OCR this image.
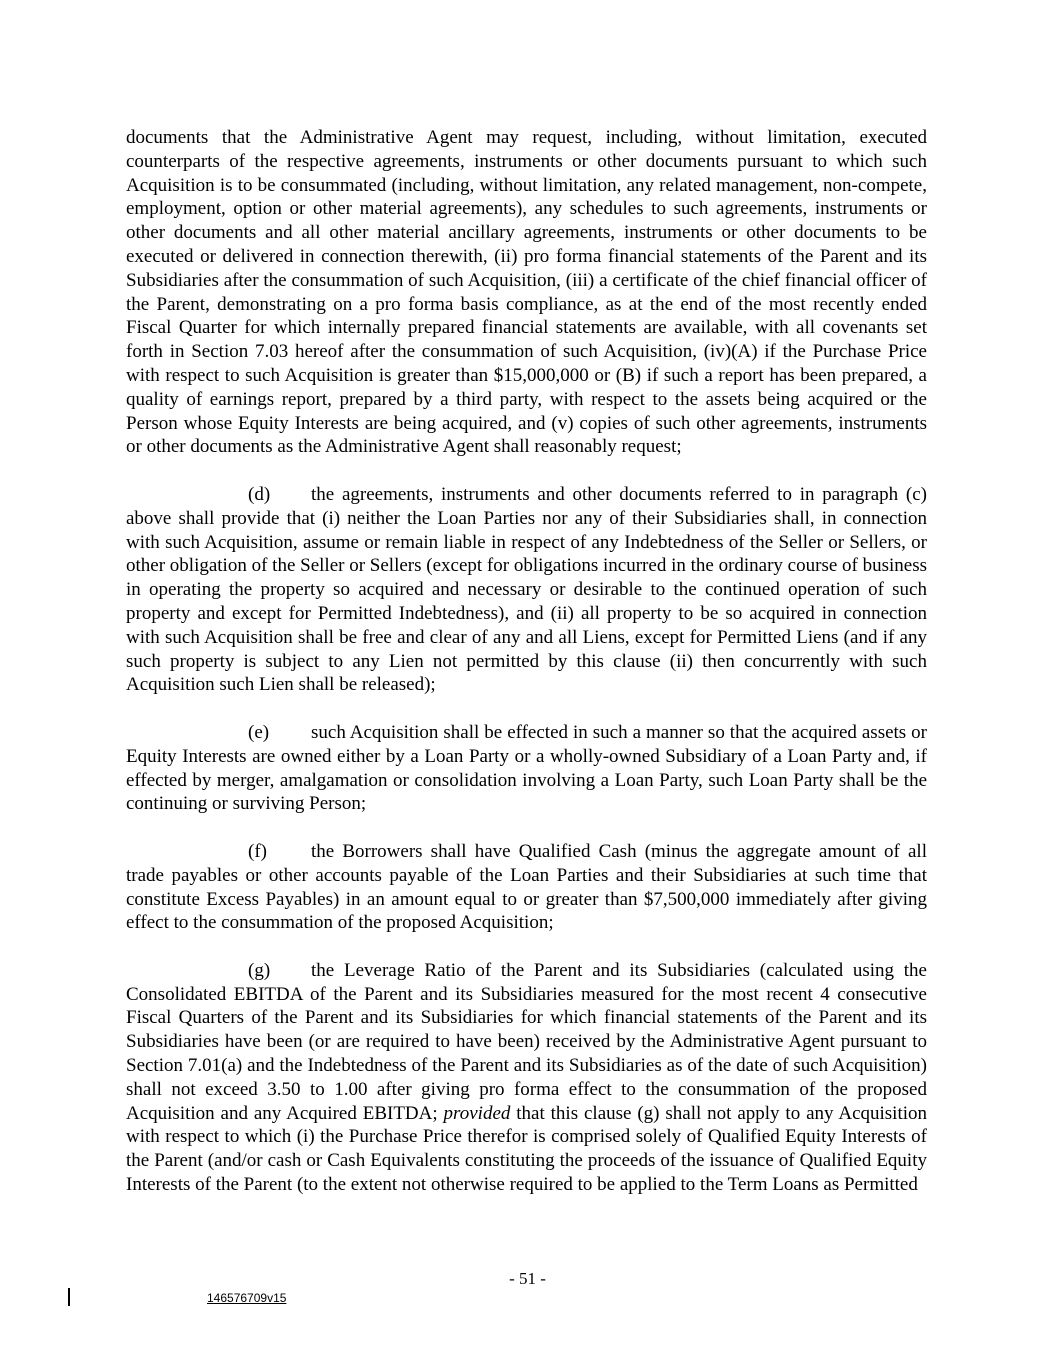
documents that the Administrative Agent may request, including, without limitation, executed counterparts of the respective agreements, instruments or other documents pursuant to which such Acquisition is to be consummated (including, without limitation, any related management, non-compete, employment, option or other material agreements), any schedules to such agreements, instruments or other documents and all other material ancillary agreements, instruments or other documents to be executed or delivered in connection therewith, (ii) pro forma financial statements of the Parent and its Subsidiaries after the consummation of such Acquisition, (iii) a certificate of the chief financial officer of the Parent, demonstrating on a pro forma basis compliance, as at the end of the most recently ended Fiscal Quarter for which internally prepared financial statements are available, with all covenants set forth in Section 7.03 hereof after the consummation of such Acquisition, (iv)(A) if the Purchase Price with respect to such Acquisition is greater than $15,000,000 or (B) if such a report has been prepared, a quality of earnings report, prepared by a third party, with respect to the assets being acquired or the Person whose Equity Interests are being acquired, and (v) copies of such other agreements, instruments or other documents as the Administrative Agent shall reasonably request;

(d) the agreements, instruments and other documents referred to in paragraph (c) above shall provide that (i) neither the Loan Parties nor any of their Subsidiaries shall, in connection with such Acquisition, assume or remain liable in respect of any Indebtedness of the Seller or Sellers, or other obligation of the Seller or Sellers (except for obligations incurred in the ordinary course of business in operating the property so acquired and necessary or desirable to the continued operation of such property and except for Permitted Indebtedness), and (ii) all property to be so acquired in connection with such Acquisition shall be free and clear of any and all Liens, except for Permitted Liens (and if any such property is subject to any Lien not permitted by this clause (ii) then concurrently with such Acquisition such Lien shall be released);

(e) such Acquisition shall be effected in such a manner so that the acquired assets or Equity Interests are owned either by a Loan Party or a wholly-owned Subsidiary of a Loan Party and, if effected by merger, amalgamation or consolidation involving a Loan Party, such Loan Party shall be the continuing or surviving Person;

(f) the Borrowers shall have Qualified Cash (minus the aggregate amount of all trade payables or other accounts payable of the Loan Parties and their Subsidiaries at such time that constitute Excess Payables) in an amount equal to or greater than $7,500,000 immediately after giving effect to the consummation of the proposed Acquisition;

(g) the Leverage Ratio of the Parent and its Subsidiaries (calculated using the Consolidated EBITDA of the Parent and its Subsidiaries measured for the most recent 4 consecutive Fiscal Quarters of the Parent and its Subsidiaries for which financial statements of the Parent and its Subsidiaries have been (or are required to have been) received by the Administrative Agent pursuant to Section 7.01(a) and the Indebtedness of the Parent and its Subsidiaries as of the date of such Acquisition) shall not exceed 3.50 to 1.00 after giving pro forma effect to the consummation of the proposed Acquisition and any Acquired EBITDA; provided that this clause (g) shall not apply to any Acquisition with respect to which (i) the Purchase Price therefor is comprised solely of Qualified Equity Interests of the Parent (and/or cash or Cash Equivalents constituting the proceeds of the issuance of Qualified Equity Interests of the Parent (to the extent not otherwise required to be applied to the Term Loans as Permitted

- 51 -
146576709v15
